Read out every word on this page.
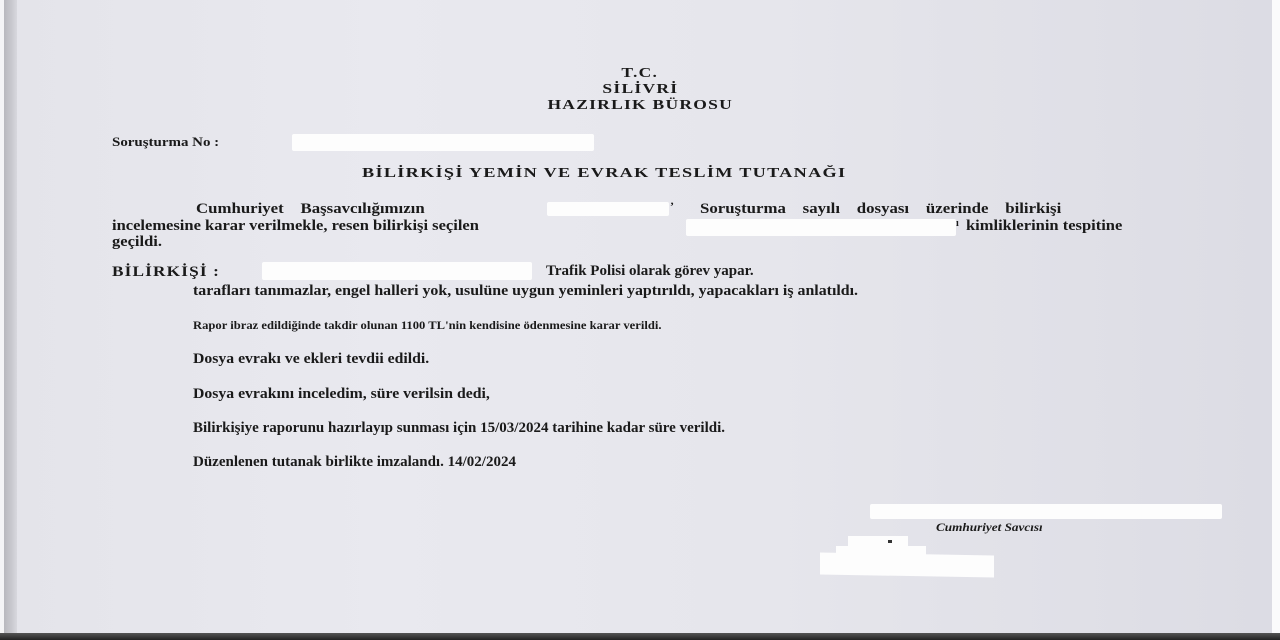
T.C.
SİLİVRİ
HAZIRLIK BÜROSU
Soruşturma No :
BİLİRKİŞİ YEMİN VE EVRAK TESLİM TUTANAĞI
Cumhuriyet    Başsavcılığımızın	’ Soruşturma    sayılı    dosyası    üzerinde    bilirkişi
incelemesine karar verilmekle, resen bilirkişi seçilen	ı kimliklerinin tespitine
geçildi.
BİLİRKİŞİ :	Trafik Polisi olarak görev yapar.
tarafları tanımazlar, engel halleri yok, usulüne uygun yeminleri yaptırıldı, yapacakları iş anlatıldı.
Rapor ibraz edildiğinde takdir olunan 1100 TL'nin kendisine ödenmesine karar verildi.
Dosya evrakı ve ekleri tevdii edildi.
Dosya evrakını inceledim, süre verilsin dedi,
Bilirkişiye raporunu hazırlayıp sunması için 15/03/2024 tarihine kadar süre verildi.
Düzenlenen tutanak birlikte imzalandı. 14/02/2024
Cumhuriyet Savcısı
